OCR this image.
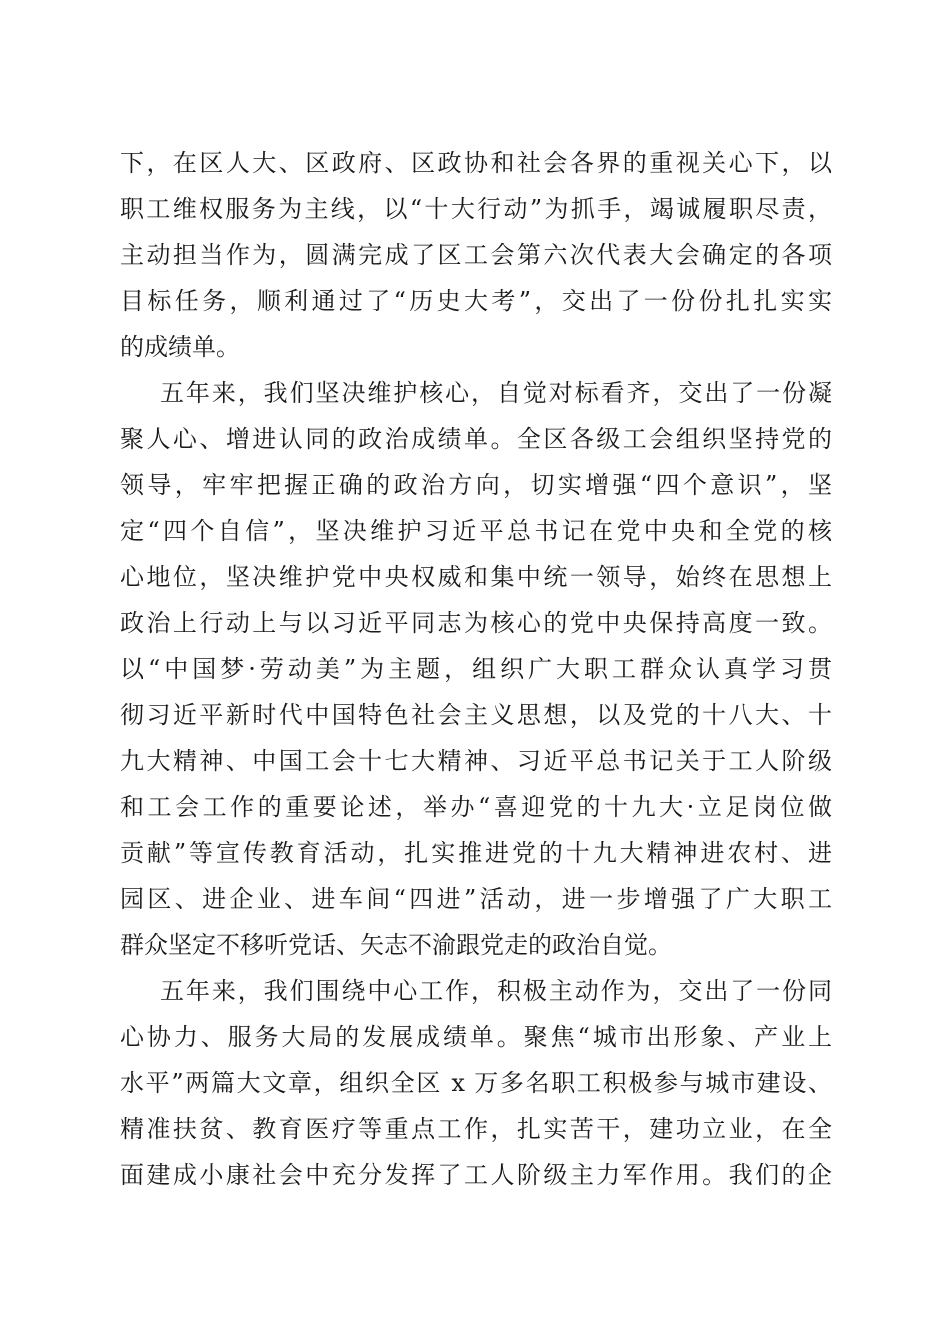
下，在区人大、区政府、区政协和社会各界的重视关心下，以
职工维权服务为主线，以“十大行动”为抓手，竭诚履职尽责，
主动担当作为，圆满完成了区工会第六次代表大会确定的各项
目标任务，顺利通过了“历史大考”，交出了一份份扎扎实实
的成绩单。
五年来，我们坚决维护核心，自觉对标看齐，交出了一份凝
聚人心、增进认同的政治成绩单。全区各级工会组织坚持党的
领导，牢牢把握正确的政治方向，切实增强“四个意识”，坚
定“四个自信”，坚决维护习近平总书记在党中央和全党的核
心地位，坚决维护党中央权威和集中统一领导，始终在思想上
政治上行动上与以习近平同志为核心的党中央保持高度一致。
以“中国梦·劳动美”为主题，组织广大职工群众认真学习贯
彻习近平新时代中国特色社会主义思想，以及党的十八大、十
九大精神、中国工会十七大精神、习近平总书记关于工人阶级
和工会工作的重要论述，举办“喜迎党的十九大·立足岗位做
贡献”等宣传教育活动，扎实推进党的十九大精神进农村、进
园区、进企业、进车间“四进”活动，进一步增强了广大职工
群众坚定不移听党话、矢志不渝跟党走的政治自觉。
五年来，我们围绕中心工作，积极主动作为，交出了一份同
心协力、服务大局的发展成绩单。聚焦“城市出形象、产业上
水平”两篇大文章，组织全区 x 万多名职工积极参与城市建设、
精准扶贫、教育医疗等重点工作，扎实苦干，建功立业，在全
面建成小康社会中充分发挥了工人阶级主力军作用。我们的企
